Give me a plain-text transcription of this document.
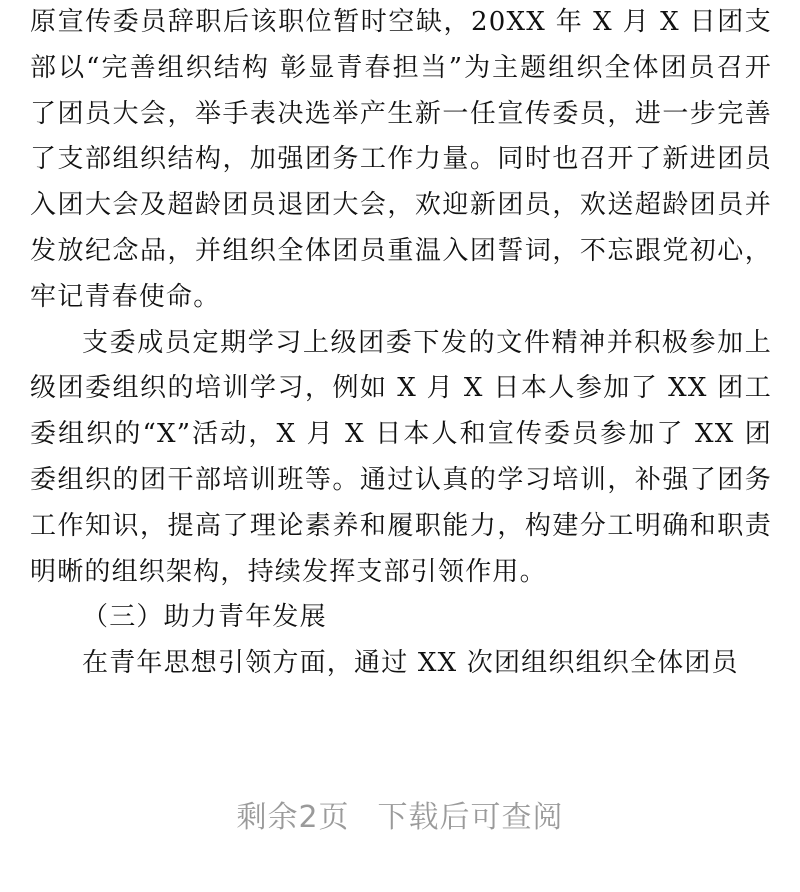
原宣传委员辞职后该职位暂时空缺，20XX 年 X 月 X 日团支部以“完善组织结构 彰显青春担当”为主题组织全体团员召开了团员大会，举手表决选举产生新一任宣传委员，进一步完善了支部组织结构，加强团务工作力量。同时也召开了新进团员入团大会及超龄团员退团大会，欢迎新团员，欢送超龄团员并发放纪念品，并组织全体团员重温入团誓词，不忘跟党初心，牢记青春使命。

支委成员定期学习上级团委下发的文件精神并积极参加上级团委组织的培训学习，例如 X 月 X 日本人参加了 XX 团工委组织的“X”活动，X 月 X 日本人和宣传委员参加了 XX 团委组织的团干部培训班等。通过认真的学习培训，补强了团务工作知识，提高了理论素养和履职能力，构建分工明确和职责明晰的组织架构，持续发挥支部引领作用。

（三）助力青年发展

在青年思想引领方面，通过 XX 次团组织组织全体团员

剩余2页 下载后可查阅
